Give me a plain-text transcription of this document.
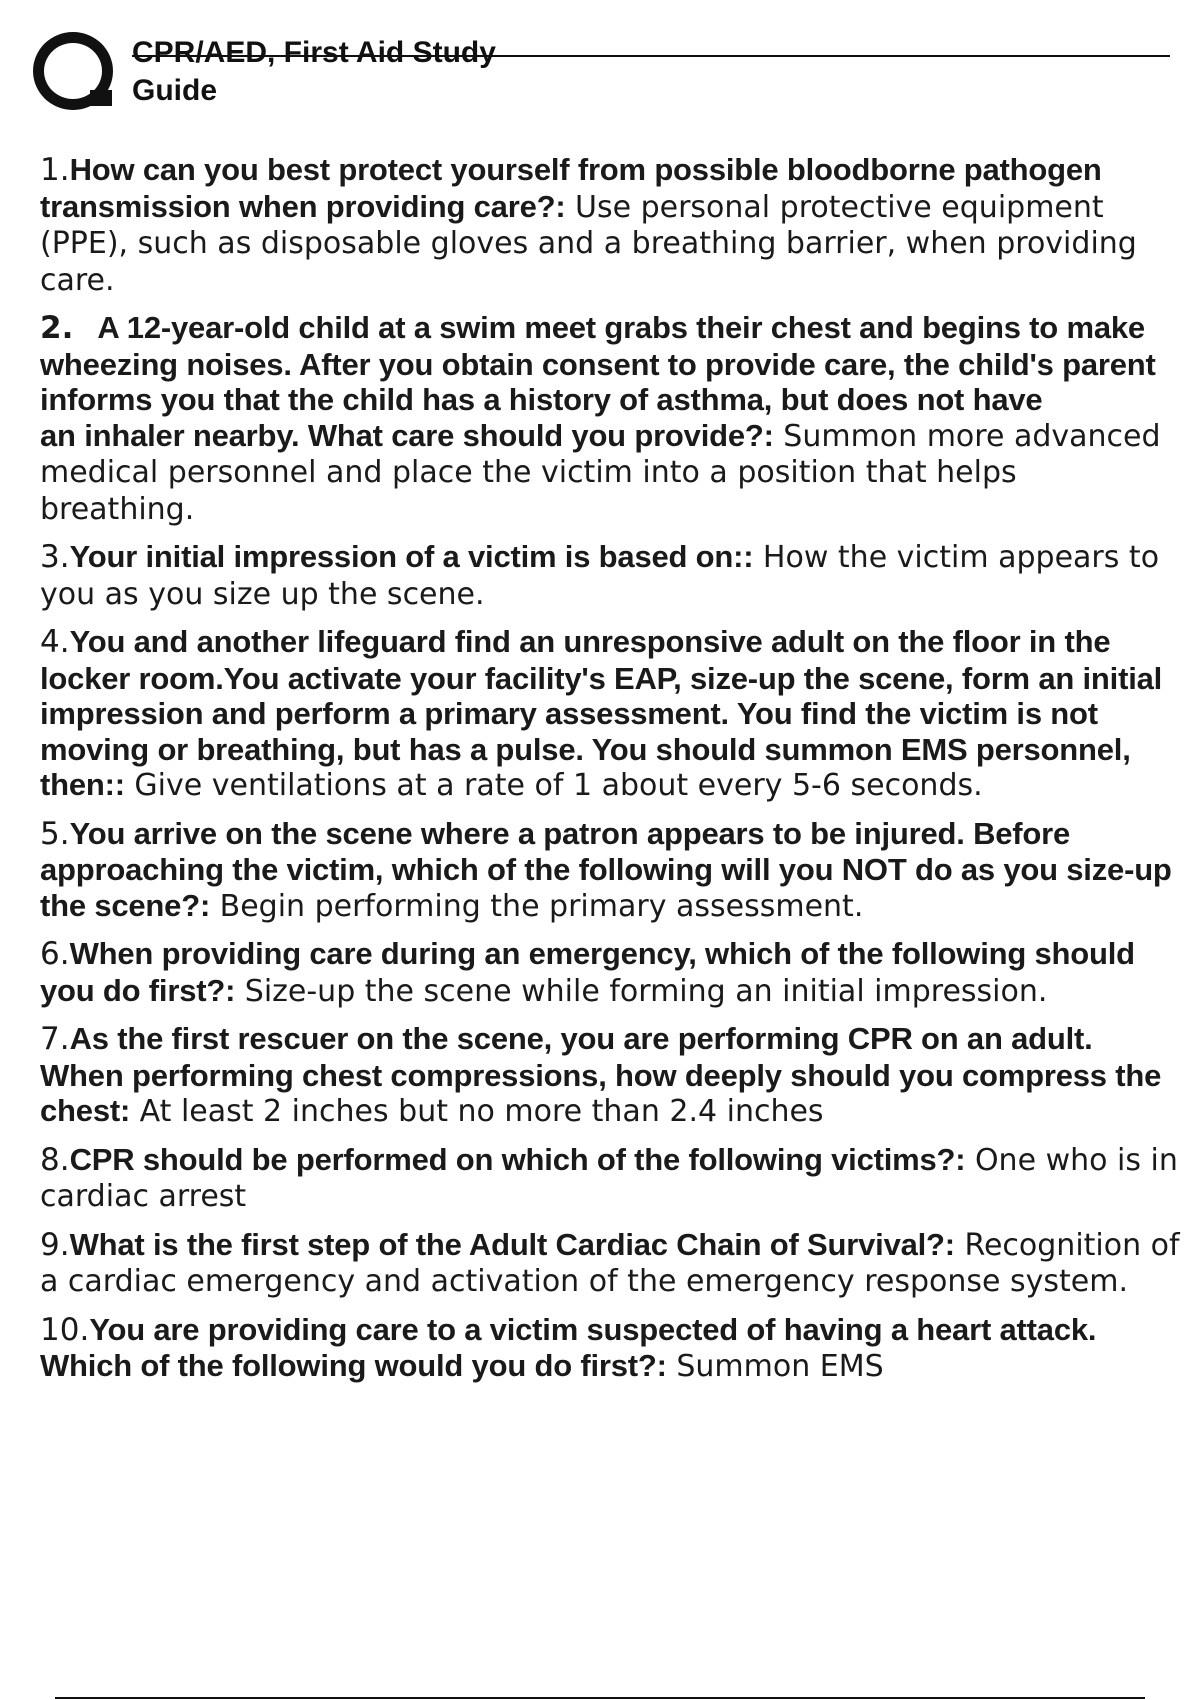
CPR/AED, First Aid Study Guide
1.How can you best protect yourself from possible bloodborne pathogen transmission when providing care?: Use personal protective equipment (PPE), such as disposable gloves and a breathing barrier, when providing care.
2. A 12-year-old child at a swim meet grabs their chest and begins to make wheezing noises. After you obtain consent to provide care, the child's parent informs you that the child has a history of asthma, but does not have
an inhaler nearby. What care should you provide?: Summon more advanced medical personnel and place the victim into a position that helps breathing.
3.Your initial impression of a victim is based on:: How the victim appears to you as you size up the scene.
4.You and another lifeguard find an unresponsive adult on the floor in the locker room.You activate your facility's EAP, size-up the scene, form an initial impression and perform a primary assessment. You find the victim is not moving or breathing, but has a pulse. You should summon EMS personnel, then:: Give ventilations at a rate of 1 about every 5-6 seconds.
5.You arrive on the scene where a patron appears to be injured. Before approaching the victim, which of the following will you NOT do as you size-up the scene?: Begin performing the primary assessment.
6.When providing care during an emergency, which of the following should you do first?: Size-up the scene while forming an initial impression.
7.As the first rescuer on the scene, you are performing CPR on an adult. When performing chest compressions, how deeply should you compress the chest: At least 2 inches but no more than 2.4 inches
8.CPR should be performed on which of the following victims?: One who is in cardiac arrest
9.What is the first step of the Adult Cardiac Chain of Survival?: Recognition of a cardiac emergency and activation of the emergency response system.
10.You are providing care to a victim suspected of having a heart attack. Which of the following would you do first?: Summon EMS
